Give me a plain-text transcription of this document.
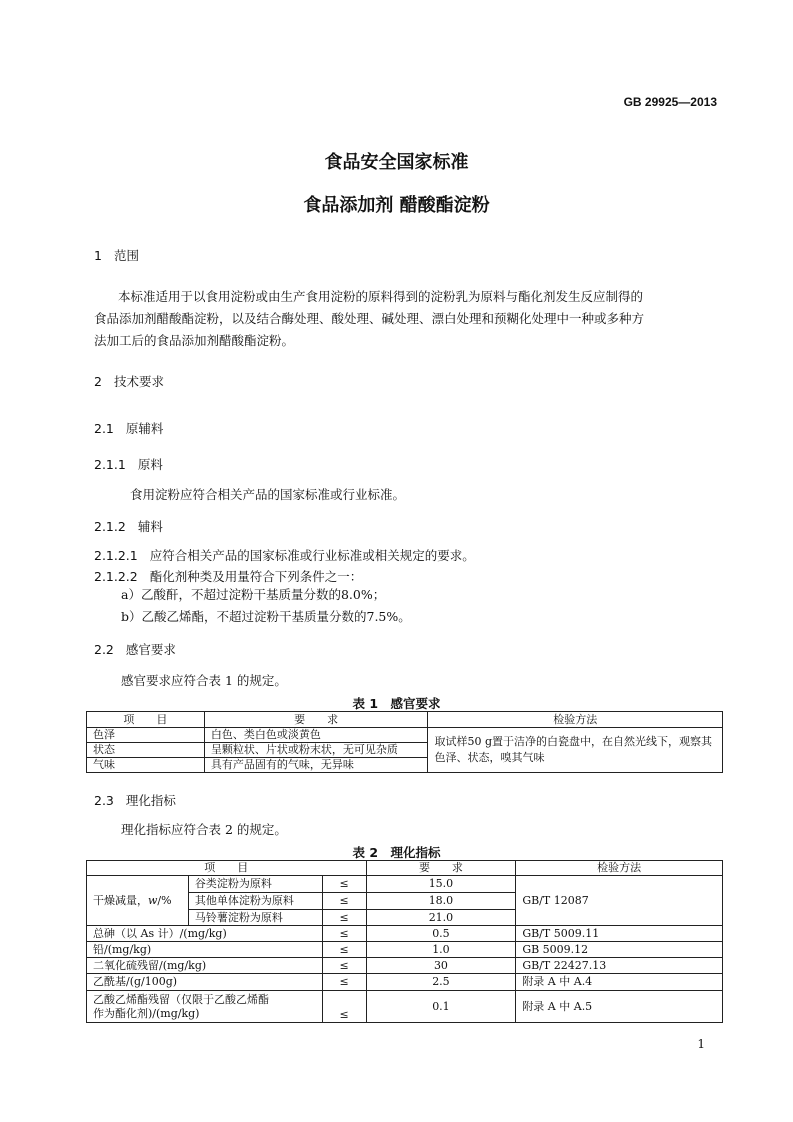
GB 29925—2013
食品安全国家标准
食品添加剂 醋酸酯淀粉
1 范围

本标准适用于以食用淀粉或由生产食用淀粉的原料得到的淀粉乳为原料与酯化剂发生反应制得的

食品添加剂醋酸酯淀粉，以及结合酶处理、酸处理、碱处理、漂白处理和预糊化处理中一种或多种方

法加工后的食品添加剂醋酸酯淀粉。

2 技术要求
2.1 原辅料
2.1.1 原料
食用淀粉应符合相关产品的国家标准或行业标准。
2.1.2 辅料
2.1.2.1 应符合相关产品的国家标准或行业标准或相关规定的要求。
2.1.2.2 酯化剂种类及用量符合下列条件之一：

a）乙酸酐，不超过淀粉干基质量分数的8.0%；

b）乙酸乙烯酯，不超过淀粉干基质量分数的7.5%。

2.2 感官要求
感官要求应符合表 1 的规定。
表 1　感官要求
项　　目	要　　求	检验方法
色泽	白色、类白色或淡黄色	取试样50 g置于洁净的白瓷盘中，在自然光线下，观察其色泽、状态，嗅其气味
状态	呈颗粒状、片状或粉末状，无可见杂质	
气味	具有产品固有的气味，无异味	
2.3 理化指标
理化指标应符合表 2 的规定。
表 2　理化指标
项　　目			要　　求	检验方法
干燥减量，w/%	谷类淀粉为原料	≤	15.0	GB/T 12087
	其他单体淀粉为原料	≤	18.0	
	马铃薯淀粉为原料	≤	21.0	
总砷（以 As 计）/(mg/kg)		≤	0.5	GB/T 5009.11
铅/(mg/kg)		≤	1.0	GB 5009.12
二氧化硫残留/(mg/kg)		≤	30	GB/T 22427.13
乙酰基/(g/100g)		≤	2.5	附录 A 中 A.4

乙酸乙烯酯残留（仅限于乙酸乙烯酯
作为酯化剂)/(mg/kg)		≤	0.1	附录 A 中 A.5
1
